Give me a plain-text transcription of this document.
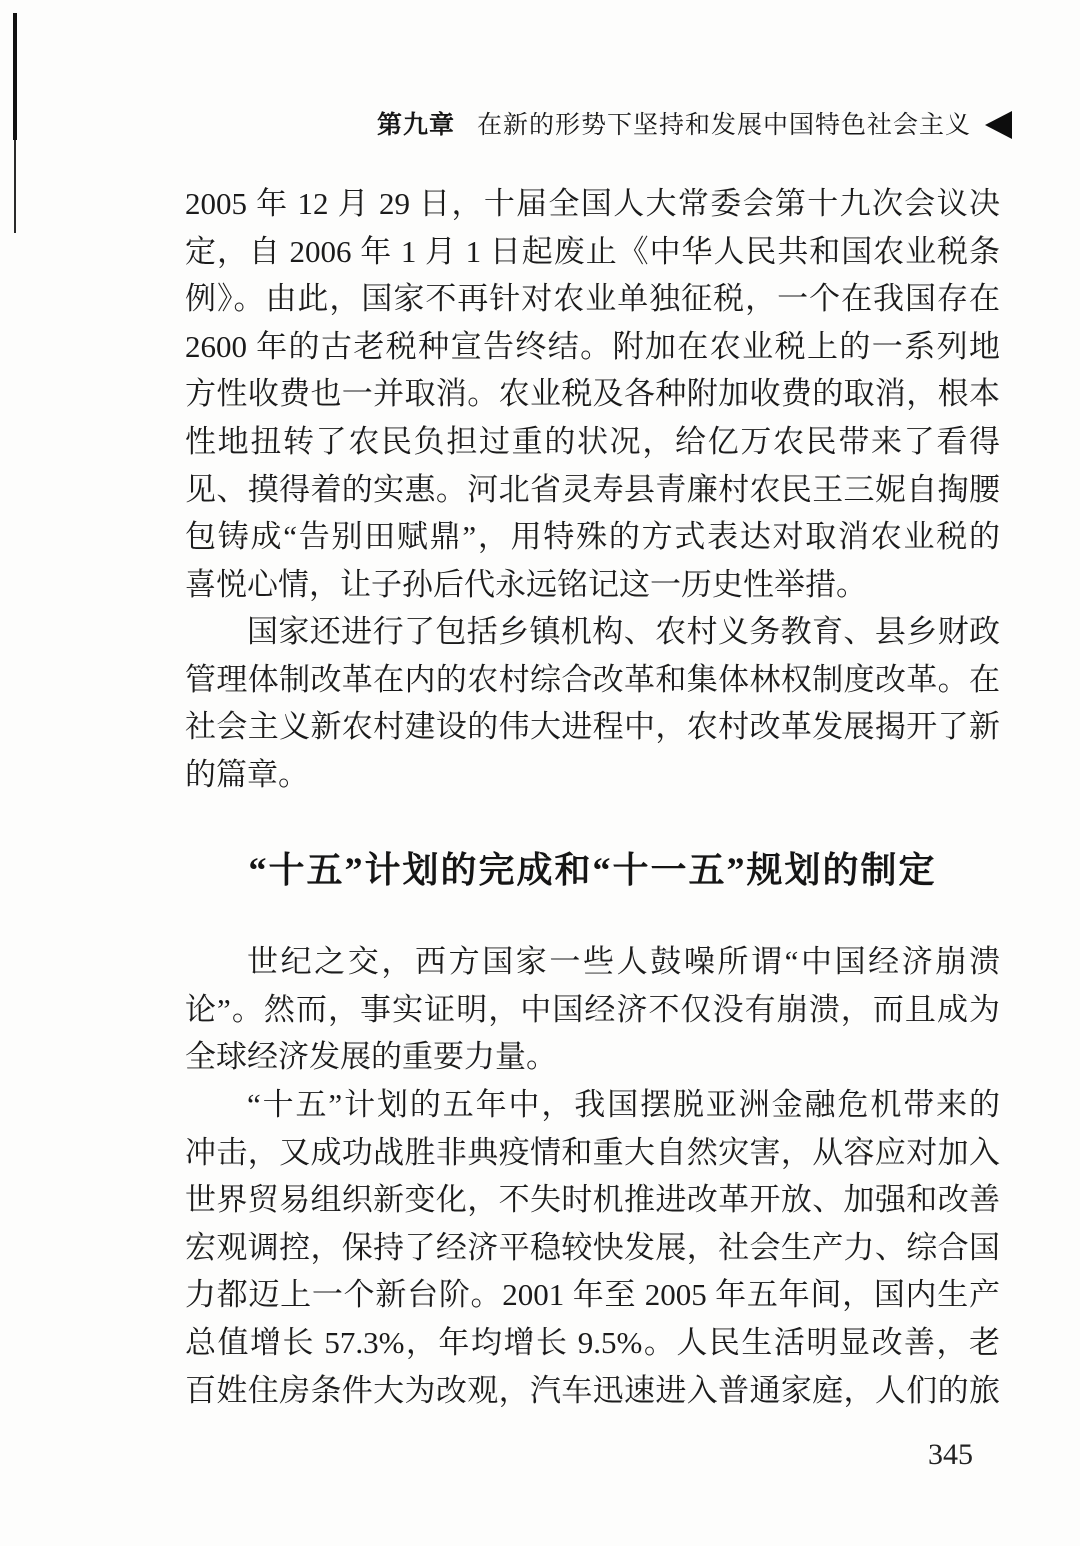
第九章 在新的形势下坚持和发展中国特色社会主义
2005 年 12 月 29 日，十届全国人大常委会第十九次会议决
定，自 2006 年 1 月 1 日起废止《中华人民共和国农业税条
例》。由此，国家不再针对农业单独征税，一个在我国存在
2600 年的古老税种宣告终结。附加在农业税上的一系列地
方性收费也一并取消。农业税及各种附加收费的取消，根本
性地扭转了农民负担过重的状况，给亿万农民带来了看得
见、摸得着的实惠。河北省灵寿县青廉村农民王三妮自掏腰
包铸成“告别田赋鼎”，用特殊的方式表达对取消农业税的
喜悦心情，让子孙后代永远铭记这一历史性举措。
国家还进行了包括乡镇机构、农村义务教育、县乡财政
管理体制改革在内的农村综合改革和集体林权制度改革。在
社会主义新农村建设的伟大进程中，农村改革发展揭开了新
的篇章。
“十五”计划的完成和“十一五”规划的制定
世纪之交，西方国家一些人鼓噪所谓“中国经济崩溃
论”。然而，事实证明，中国经济不仅没有崩溃，而且成为
全球经济发展的重要力量。
“十五”计划的五年中，我国摆脱亚洲金融危机带来的
冲击，又成功战胜非典疫情和重大自然灾害，从容应对加入
世界贸易组织新变化，不失时机推进改革开放、加强和改善
宏观调控，保持了经济平稳较快发展，社会生产力、综合国
力都迈上一个新台阶。2001 年至 2005 年五年间，国内生产
总值增长 57.3%，年均增长 9.5%。人民生活明显改善，老
百姓住房条件大为改观，汽车迅速进入普通家庭，人们的旅
345
